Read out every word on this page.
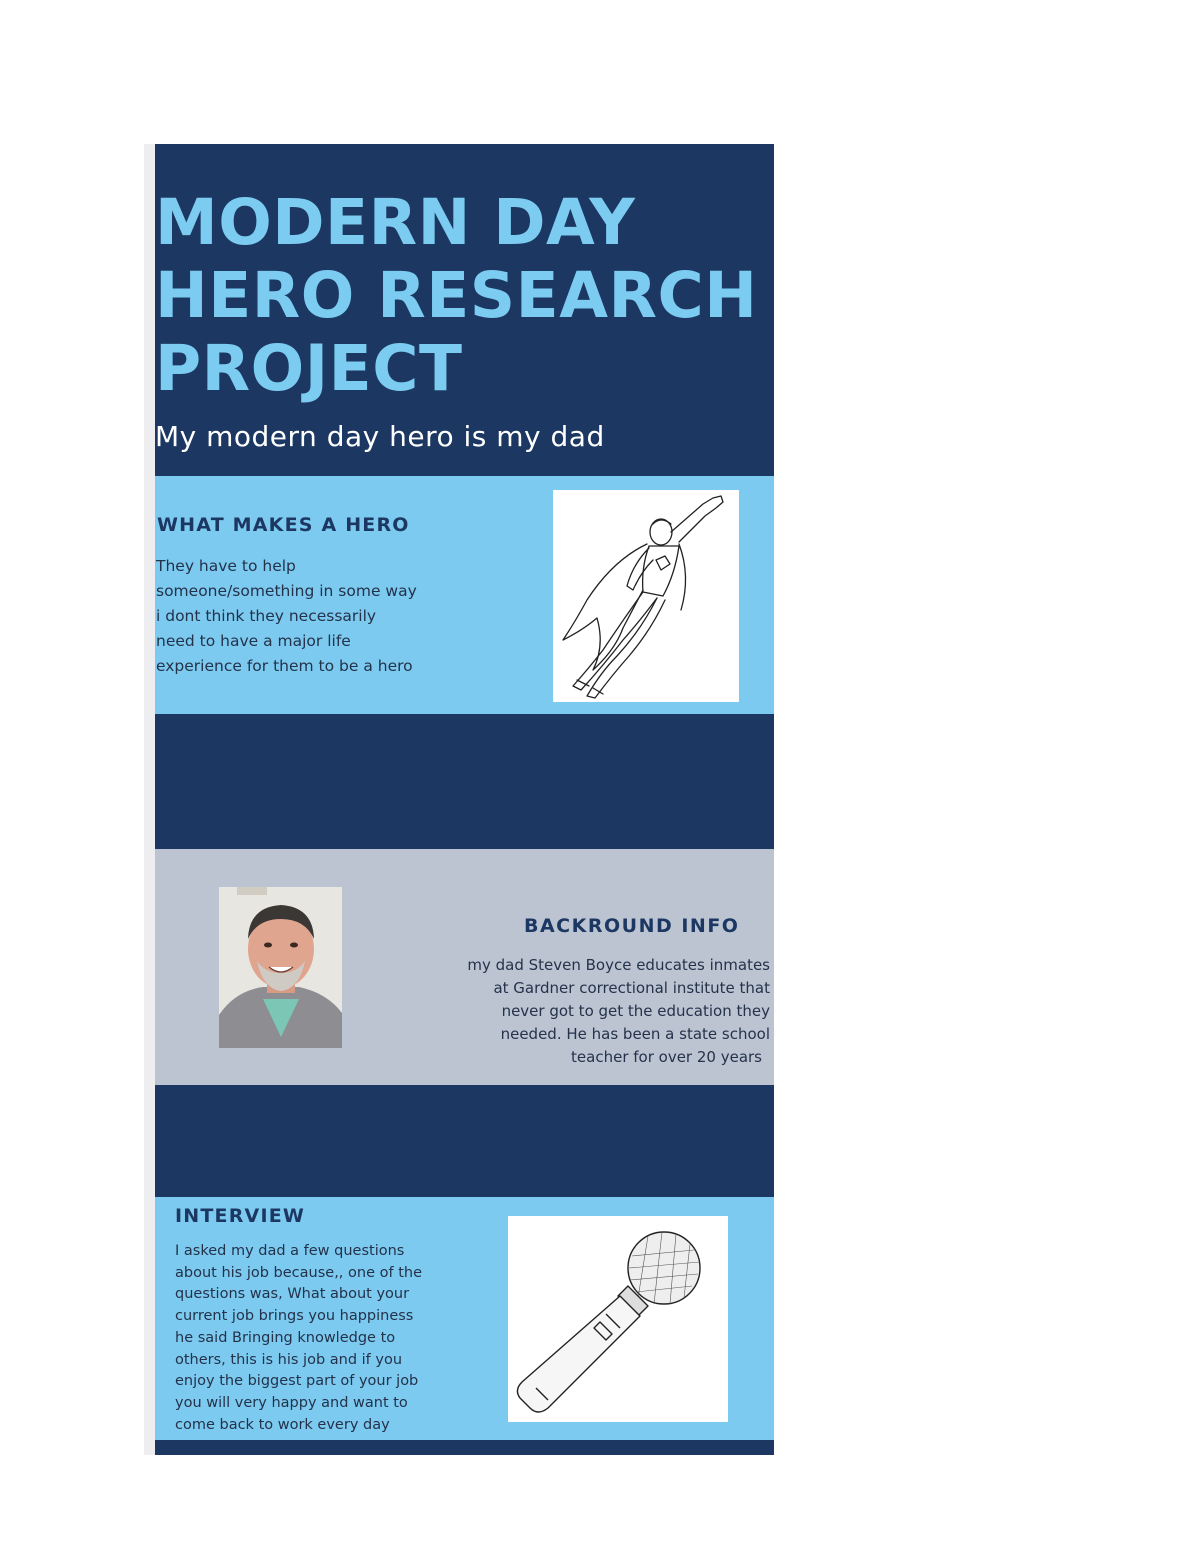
MODERN DAY
HERO RESEARCH
PROJECT

My modern day hero is my dad

WHAT MAKES A HERO

They have to help
someone/something in some way
i dont think they necessarily
need to have a major life
experience for them to be a hero

BACKROUND INFO

my dad Steven Boyce educates inmates
at Gardner correctional institute that
never got to get the education they
needed. He has been a state school
teacher for over 20 years

INTERVIEW

I asked my dad a few questions
about his job because,, one of the
questions was, What about your
current job brings you happiness
he said Bringing knowledge to
others, this is his job and if you
enjoy the biggest part of your job
you will very happy and want to
come back to work every day
